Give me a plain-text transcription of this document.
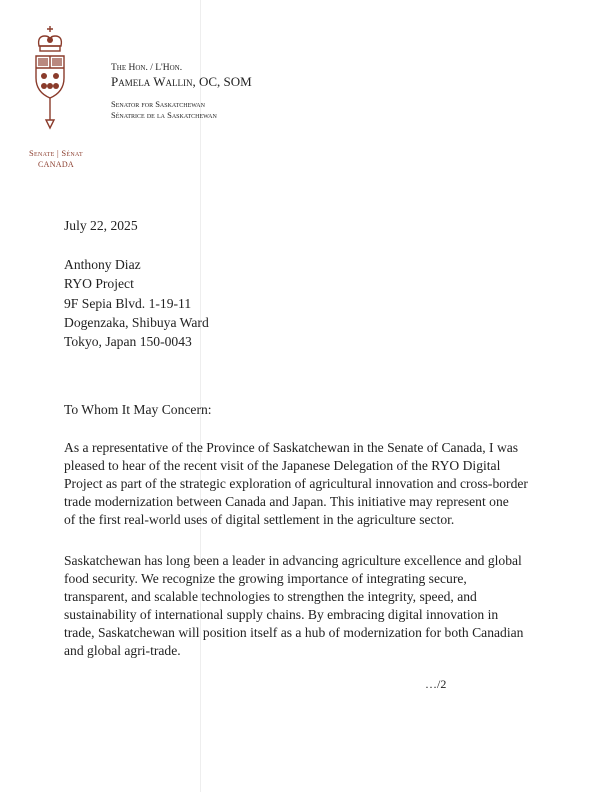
Senate | Sénat
CANADA
The Hon. / L'Hon.
Pamela Wallin, OC, SOM
Senator for Saskatchewan
Sénatrice de la Saskatchewan
July 22, 2025
Anthony Diaz
RYO Project
9F Sepia Blvd. 1-19-11
Dogenzaka, Shibuya Ward
Tokyo, Japan 150-0043
To Whom It May Concern:
As a representative of the Province of Saskatchewan in the Senate of Canada, I was
pleased to hear of the recent visit of the Japanese Delegation of the RYO Digital
Project as part of the strategic exploration of agricultural innovation and cross-border
trade modernization between Canada and Japan. This initiative may represent one
of the first real-world uses of digital settlement in the agriculture sector.
Saskatchewan has long been a leader in advancing agriculture excellence and global
food security. We recognize the growing importance of integrating secure,
transparent, and scalable technologies to strengthen the integrity, speed, and
sustainability of international supply chains. By embracing digital innovation in
trade, Saskatchewan will position itself as a hub of modernization for both Canadian
and global agri-trade.
…/2
